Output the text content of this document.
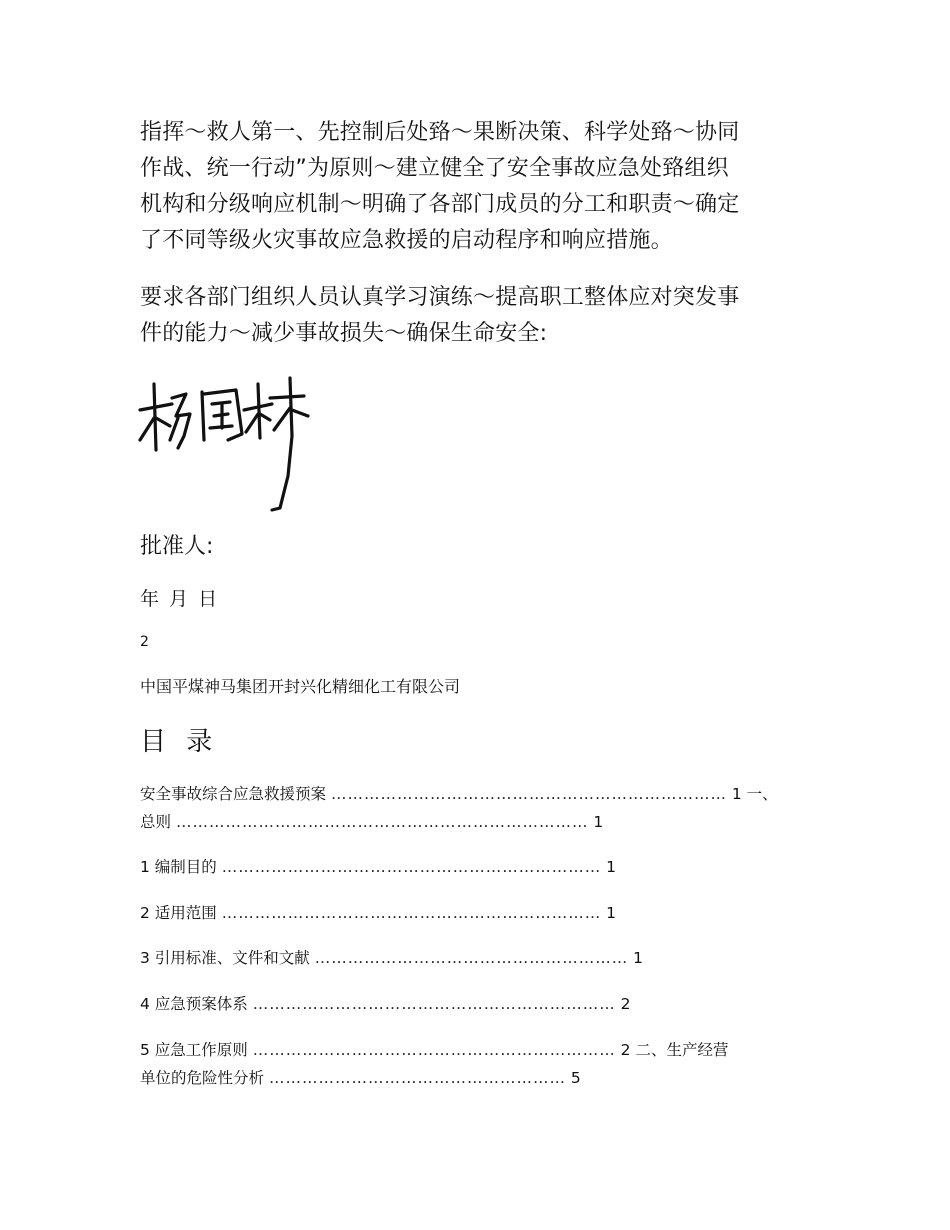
指挥～救人第一、先控制后处臵～果断决策、科学处臵～协同
作战、统一行动”为原则～建立健全了安全事故应急处臵组织
机构和分级响应机制～明确了各部门成员的分工和职责～确定
了不同等级火灾事故应急救援的启动程序和响应措施。

要求各部门组织人员认真学习演练～提高职工整体应对突发事
件的能力～减少事故损失～确保生命安全:

批准人:
年 月 日
2
中国平煤神马集团开封兴化精细化工有限公司
目 录

安全事故综合应急救援预案 ……………………………………………………………… 1 一、
总则 ………………………………………………………………… 1

1 编制目的 …………………………………………………………… 1

2 适用范围 …………………………………………………………… 1

3 引用标准、文件和文献 ………………………………………………… 1

4 应急预案体系 ………………………………………………………… 2

5 应急工作原则 ………………………………………………………… 2 二、生产经营
单位的危险性分析 ……………………………………………… 5
